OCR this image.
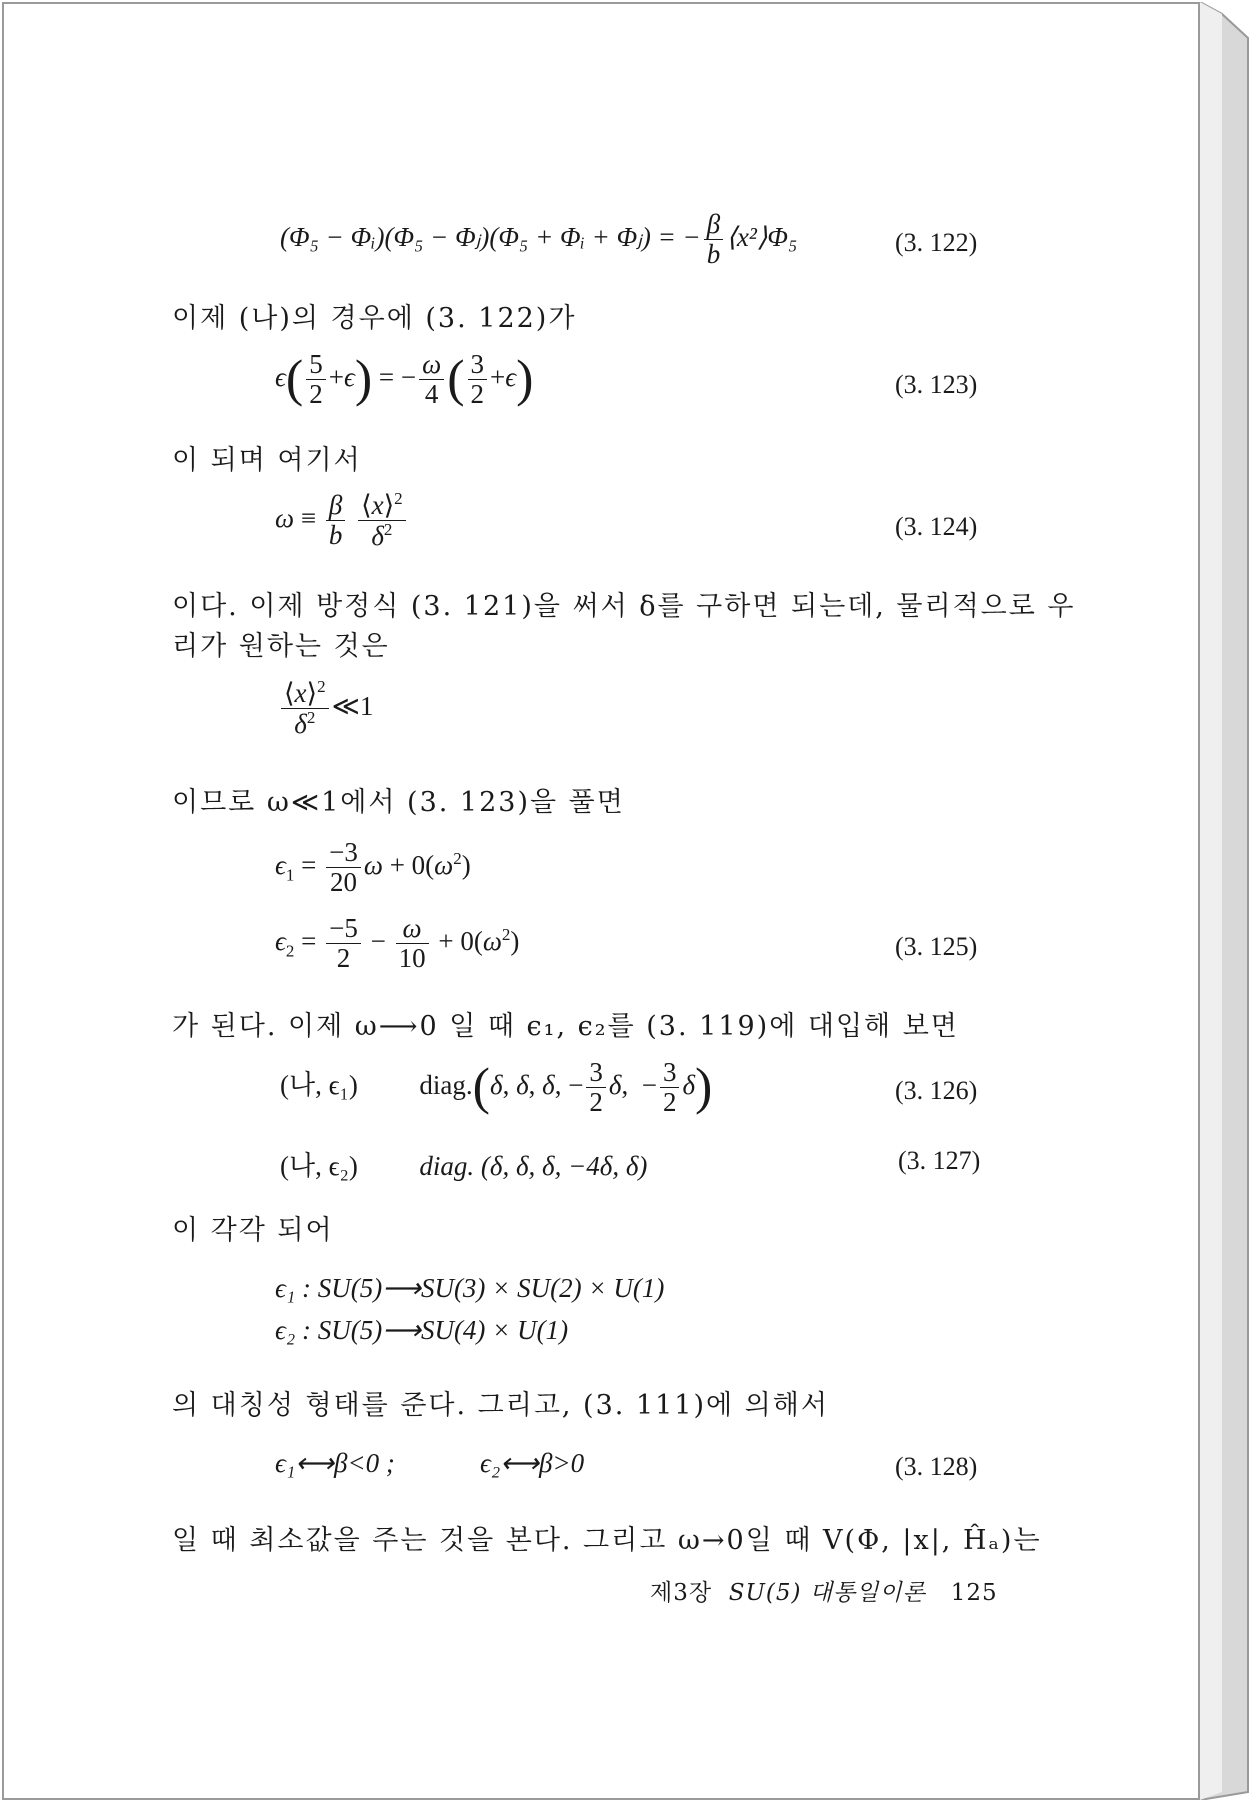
(Φ₅ − Φᵢ)(Φ₅ − Φⱼ)(Φ₅ + Φᵢ + Φⱼ) = − $\frac{\beta}{b}$ ⟨x²⟩Φ₅	(3. 122)
이제 (나)의 경우에 (3. 122)가
$\epsilon( \frac{5}{2} +\epsilon)$ = − $\frac{\omega}{4}$ ( $\frac{3}{2} +\epsilon$)	(3. 123)
이 되며 여기서
$\omega \equiv \frac{\beta}{b}$
$\frac{⟨x⟩^2}{\delta^2}$	(3. 124)
이다. 이제 방정식 (3. 121)을 써서 δ를 구하면 되는데, 물리적으로 우
리가 원하는 것은
$\frac{⟨x⟩^2}{\delta^2}$ ≪1
이므로 ω≪1에서 (3. 123)을 풀면
$\epsilon_1 = \frac{-3}{20}$ $\omega + 0(\omega^2)$
$\epsilon_2 = \frac{-5}{2} - \frac{\omega}{10} + 0(\omega^2)$	(3. 125)
가 된다. 이제 ω⟶0 일 때 ϵ₁, ϵ₂를 (3. 119)에 대입해 보면
(나, ϵ₁) diag.(δ, δ, δ, − $\frac{3}{2} \delta$,  − $\frac{3}{2} \delta$)	(3. 126)
(나, ϵ₂) diag. (δ, δ, δ, −4δ, δ)	(3. 127)
이 각각 되어
ϵ₁ : SU(5)⟶SU(3) × SU(2) × U(1)
ϵ₂ : SU(5)⟶SU(4) × U(1)
의 대칭성 형태를 준다. 그리고, (3. 111)에 의해서
ϵ₁⟷β<0 ;	ϵ₂⟷β>0	(3. 128)
일 때 최소값을 주는 것을 본다. 그리고 ω→0일 때 V(Φ, |x|, Ĥₐ)는
제3장 SU(5) 대통일이론 125
